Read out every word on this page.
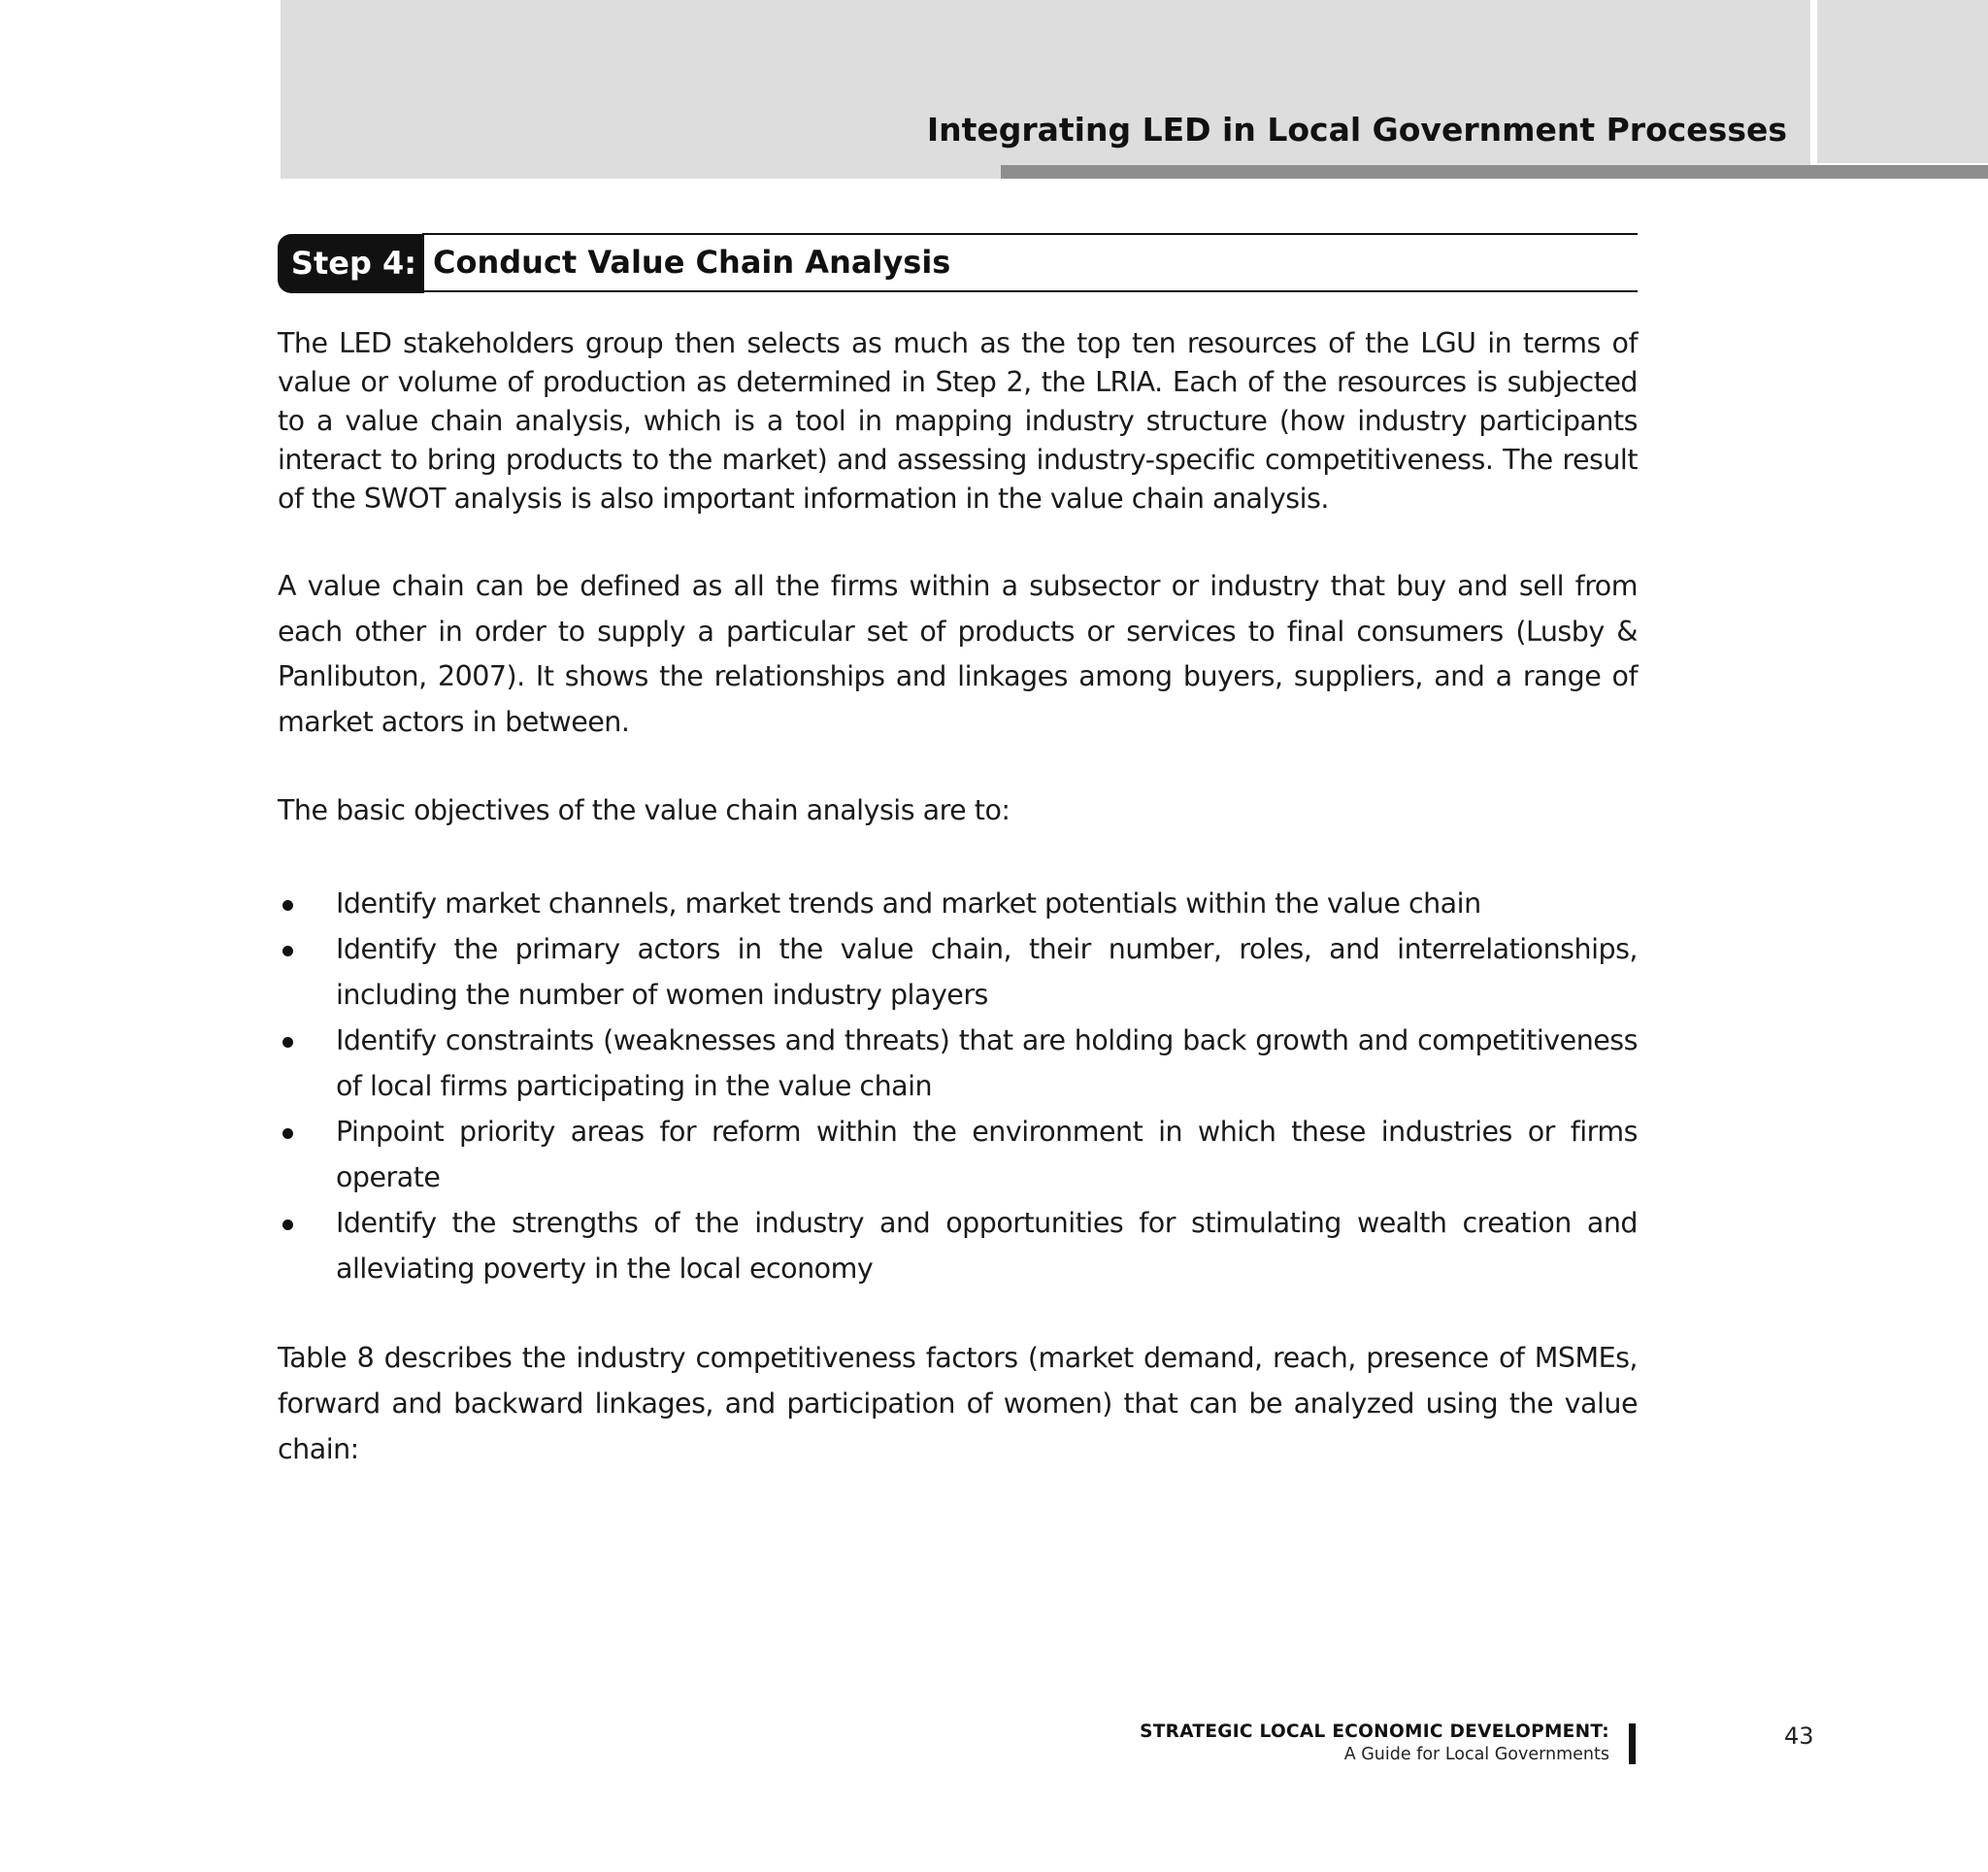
Integrating LED in Local Government Processes
Step 4: Conduct Value Chain Analysis

The LED stakeholders group then selects as much as the top ten resources of the LGU in terms of value or volume of production as determined in Step 2, the LRIA. Each of the resources is subjected to a value chain analysis, which is a tool in mapping industry structure (how industry participants interact to bring products to the market) and assessing industry-specific competitiveness. The result of the SWOT analysis is also important information in the value chain analysis.

A value chain can be defined as all the firms within a subsector or industry that buy and sell from each other in order to supply a particular set of products or services to final consumers (Lusby & Panlibuton, 2007). It shows the relationships and linkages among buyers, suppliers, and a range of market actors in between.

The basic objectives of the value chain analysis are to:

Identify market channels, market trends and market potentials within the value chain
Identify the primary actors in the value chain, their number, roles, and interrelationships, including the number of women industry players
Identify constraints (weaknesses and threats) that are holding back growth and competitiveness of local firms participating in the value chain
Pinpoint priority areas for reform within the environment in which these industries or firms operate
Identify the strengths of the industry and opportunities for stimulating wealth creation and alleviating poverty in the local economy

Table 8 describes the industry competitiveness factors (market demand, reach, presence of MSMEs, forward and backward linkages, and participation of women) that can be analyzed using the value chain:

STRATEGIC LOCAL ECONOMIC DEVELOPMENT:
A Guide for Local Governments
43
